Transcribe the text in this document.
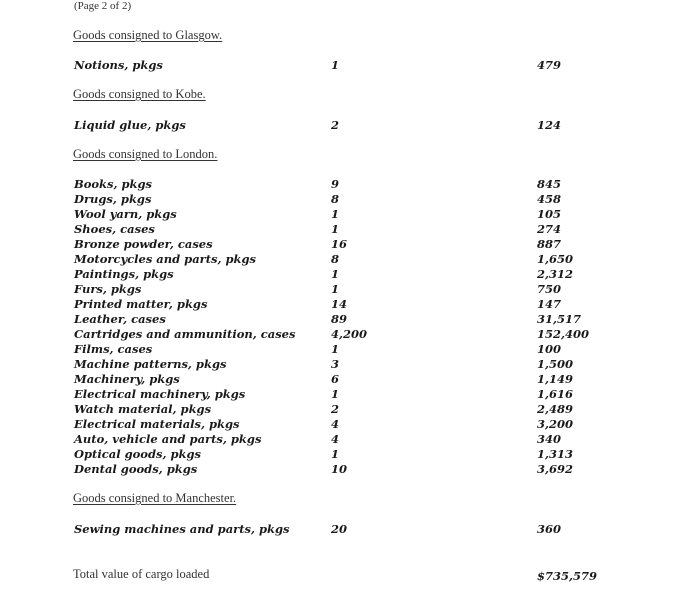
(Page 2 of 2)
Goods consigned to Glasgow.
Notions, pkgs	1	479
Goods consigned to Kobe.
Liquid glue, pkgs	2	124
Goods consigned to London.
Books, pkgs	9	845
Drugs, pkgs	8	458
Wool yarn, pkgs	1	105
Shoes, cases	1	274
Bronze powder, cases	16	887
Motorcycles and parts, pkgs	8	1,650
Paintings, pkgs	1	2,312
Furs, pkgs	1	750
Printed matter, pkgs	14	147
Leather, cases	89	31,517
Cartridges and ammunition, cases	4,200	152,400
Films, cases	1	100
Machine patterns, pkgs	3	1,500
Machinery, pkgs	6	1,149
Electrical machinery, pkgs	1	1,616
Watch material, pkgs	2	2,489
Electrical materials, pkgs	4	3,200
Auto, vehicle and parts, pkgs	4	340
Optical goods, pkgs	1	1,313
Dental goods, pkgs	10	3,692
Goods consigned to Manchester.
Sewing machines and parts, pkgs	20	360
Total value of cargo loaded	$735,579
